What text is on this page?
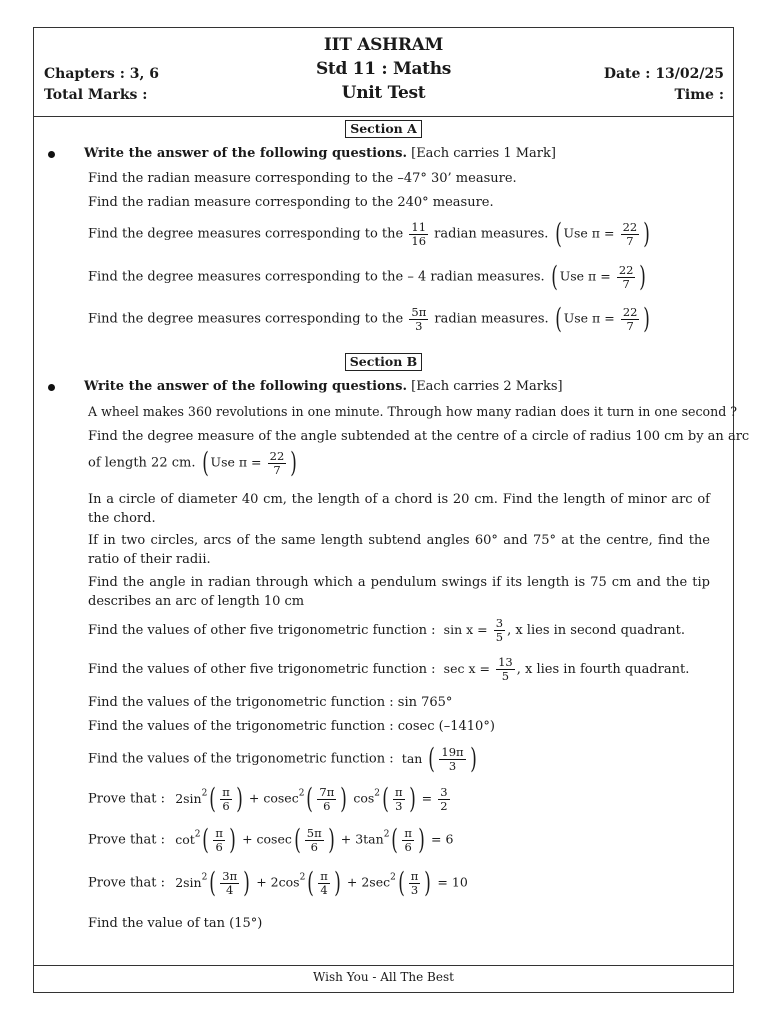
IIT ASHRAM
Std 11 : Maths
Unit Test
Chapters : 3, 6
Total Marks :
Date : 13/02/25
Time :
Section A
Write the answer of the following questions. [Each carries 1 Mark]
Find the radian measure corresponding to the –47° 30’ measure.
Find the radian measure corresponding to the 240° measure.
Find the degree measures corresponding to the $\frac{11}{16}$ radian measures. ( Use $\pi = \frac{22}{7}$ )
Find the degree measures corresponding to the – 4 radian measures. ( Use $\pi = \frac{22}{7}$ )
Find the degree measures corresponding to the $\frac{5\pi}{3}$ radian measures. ( Use $\pi = \frac{22}{7}$ )
Section B
Write the answer of the following questions. [Each carries 2 Marks]
A wheel makes 360 revolutions in one minute. Through how many radian does it turn in one second ?
Find the degree measure of the angle subtended at the centre of a circle of radius 100 cm by an arc
of length 22 cm. ( Use $\pi = \frac{22}{7}$ )
In a circle of diameter 40 cm, the length of a chord is 20 cm. Find the length of minor arc of the chord.
If in two circles, arcs of the same length subtend angles 60° and 75° at the centre, find the ratio of their radii.
Find the angle in radian through which a pendulum swings if its length is 75 cm and the tip describes an arc of length 10 cm
Find the values of other five trigonometric function : $\sin x = \frac{3}{5}$ , x lies in second quadrant.
Find the values of other five trigonometric function : $\sec x = \frac{13}{5}$ , x lies in fourth quadrant.
Find the values of the trigonometric function : sin 765°
Find the values of the trigonometric function : cosec (–1410°)
Find the values of the trigonometric function : tan ( $\frac{19\pi}{3}$ )
Prove that : $2\sin^2( \frac{\pi}{6}$ ) + $cosec^2( \frac{7\pi}{6}$ ) $\cos^2( \frac{\pi}{3}$ ) = $\frac{3}{2}$
Prove that : $\cot^2( \frac{\pi}{6}$ ) + $cosec( \frac{5\pi}{6}$ ) + $3\tan^2( \frac{\pi}{6}$ ) = 6
Prove that : $2\sin^2( \frac{3\pi}{4}$ ) + $2\cos^2( \frac{\pi}{4}$ ) + $2\sec^2( \frac{\pi}{3}$ ) = 10
Find the value of tan (15°)
Wish You - All The Best
